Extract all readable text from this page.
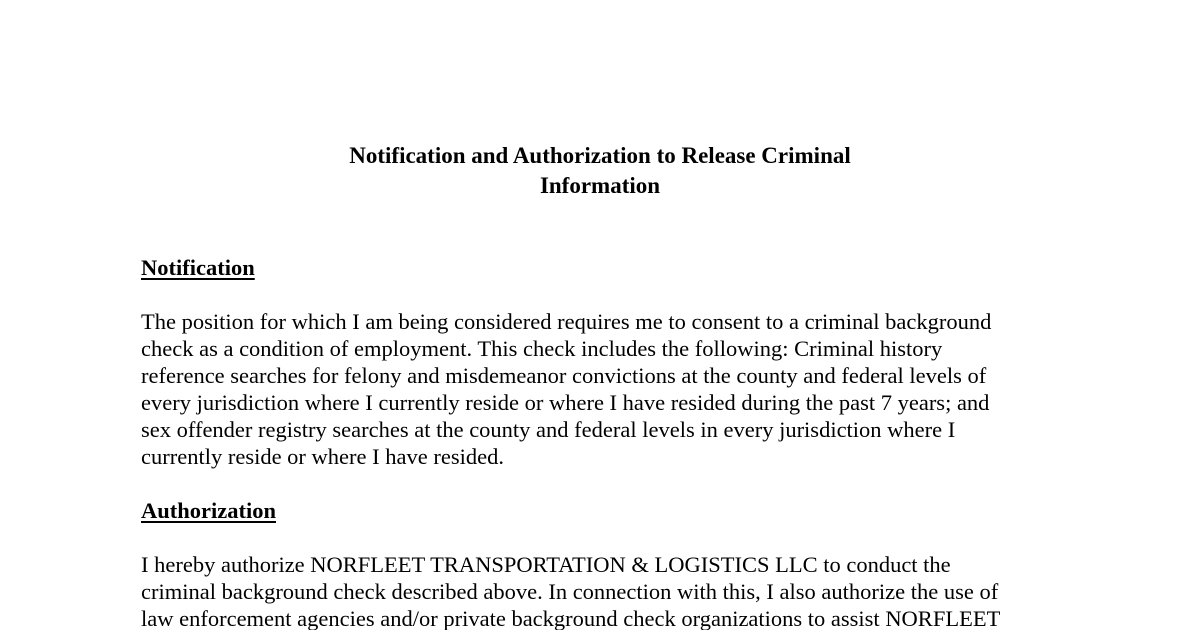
Notification and Authorization to Release Criminal
Information
Notification
The position for which I am being considered requires me to consent to a criminal background
check as a condition of employment. This check includes the following: Criminal history
reference searches for felony and misdemeanor convictions at the county and federal levels of
every jurisdiction where I currently reside or where I have resided during the past 7 years; and
sex offender registry searches at the county and federal levels in every jurisdiction where I
currently reside or where I have resided.
Authorization
I hereby authorize NORFLEET TRANSPORTATION & LOGISTICS LLC to conduct the
criminal background check described above. In connection with this, I also authorize the use of
law enforcement agencies and/or private background check organizations to assist NORFLEET
